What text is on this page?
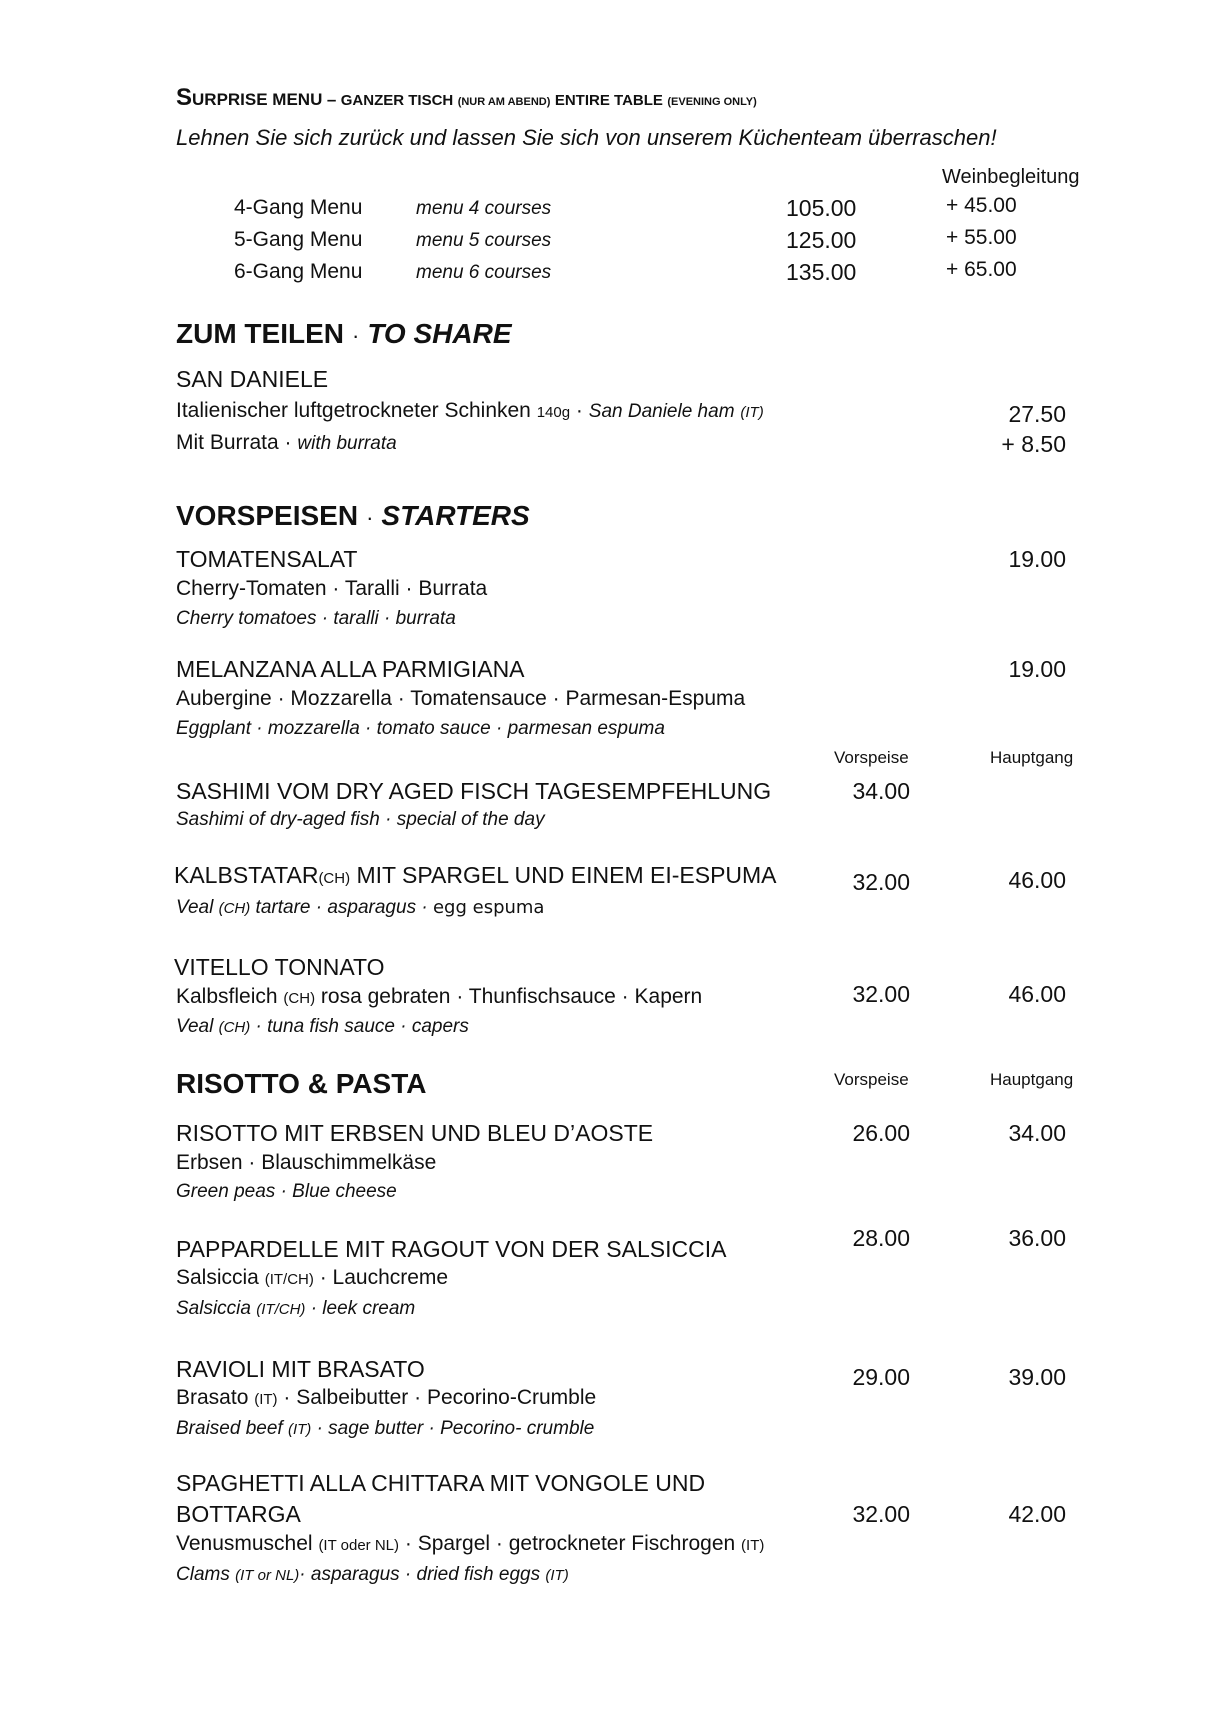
SURPRISE MENU – GANZER TISCH (NUR AM ABEND) ENTIRE TABLE (EVENING ONLY)
Lehnen Sie sich zurück und lassen Sie sich von unserem Küchenteam überraschen!
Weinbegleitung
4-Gang Menu	menu 4 courses	105.00	+ 45.00
5-Gang Menu	menu 5 courses	125.00	+ 55.00
6-Gang Menu	menu 6 courses	135.00	+ 65.00
ZUM TEILEN · TO SHARE
SAN DANIELE
Italienischer luftgetrockneter Schinken 140g · San Daniele ham (IT)	27.50
Mit Burrata · with burrata	+ 8.50
VORSPEISEN · STARTERS
TOMATENSALAT	19.00
Cherry-Tomaten · Taralli · Burrata
Cherry tomatoes · taralli · burrata
MELANZANA ALLA PARMIGIANA	19.00
Aubergine · Mozzarella · Tomatensauce · Parmesan-Espuma
Eggplant · mozzarella · tomato sauce · parmesan espuma
Vorspeise	Hauptgang
SASHIMI VOM DRY AGED FISCH TAGESEMPFEHLUNG	34.00
Sashimi of dry-aged fish · special of the day
KALBSTATAR(CH) MIT SPARGEL UND EINEM EI-ESPUMA	32.00	46.00
Veal (CH) tartare · asparagus · egg espuma
VITELLO TONNATO
Kalbsfleich (CH) rosa gebraten · Thunfischsauce · Kapern	32.00	46.00
Veal (CH) · tuna fish sauce · capers
RISOTTO & PASTA	Vorspeise	Hauptgang
RISOTTO MIT ERBSEN UND BLEU D’AOSTE	26.00	34.00
Erbsen · Blauschimmelkäse
Green peas · Blue cheese
PAPPARDELLE MIT RAGOUT VON DER SALSICCIA	28.00	36.00
Salsiccia (IT/CH) · Lauchcreme
Salsiccia (IT/CH) · leek cream
RAVIOLI MIT BRASATO	29.00	39.00
Brasato (IT) · Salbeibutter · Pecorino-Crumble
Braised beef (IT) · sage butter · Pecorino- crumble
SPAGHETTI ALLA CHITTARA MIT VONGOLE UND
BOTTARGA	32.00	42.00
Venusmuschel (IT oder NL) · Spargel · getrockneter Fischrogen (IT)
Clams (IT or NL)· asparagus · dried fish eggs (IT)
